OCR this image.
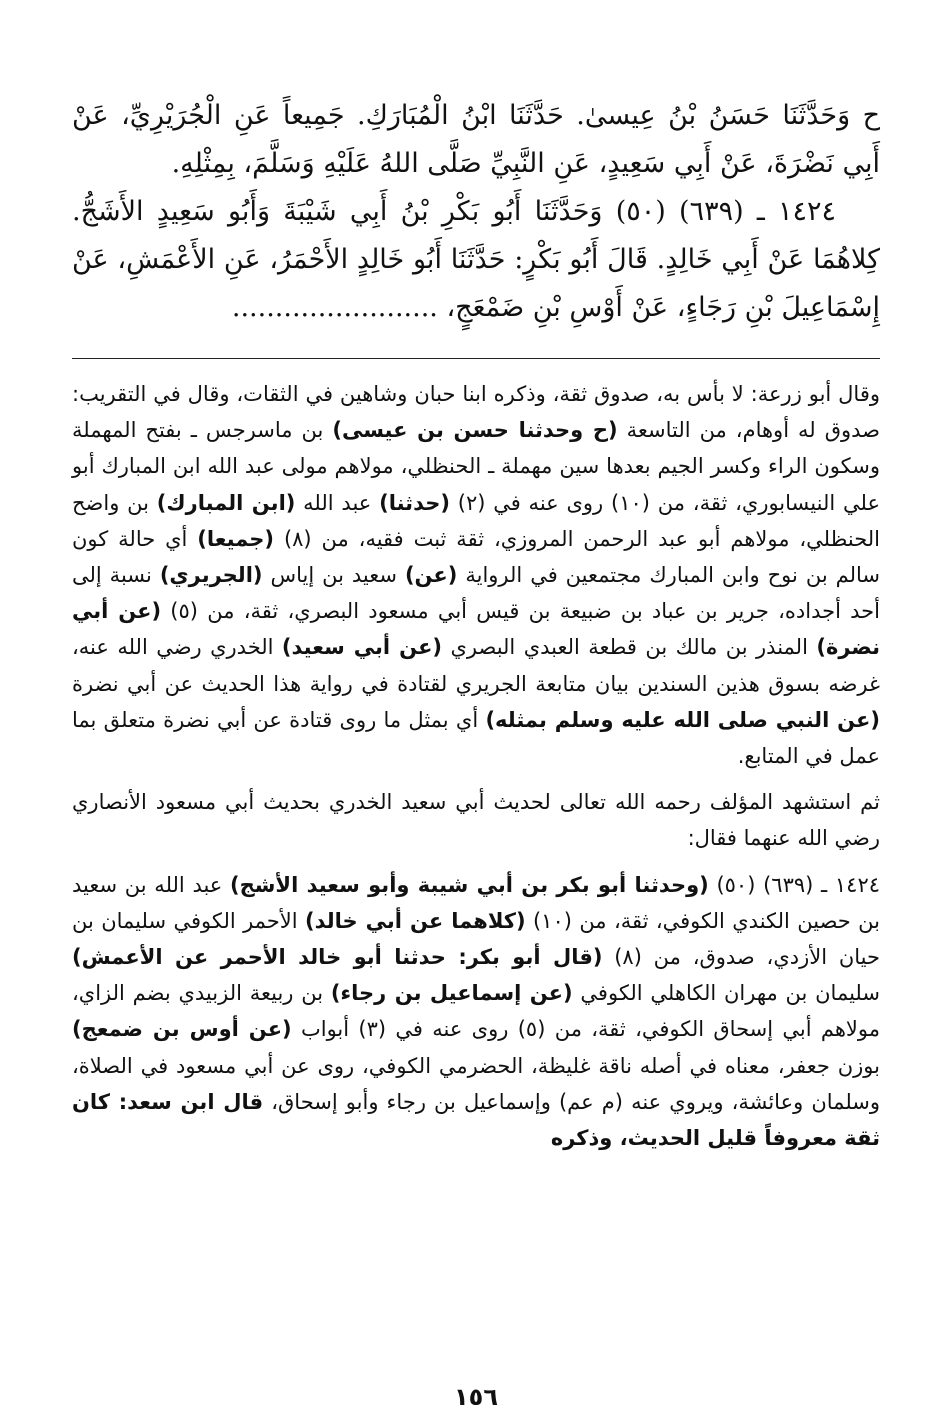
ح وَحَدَّثَنَا حَسَنُ بْنُ عِيسىٰ. حَدَّثَنَا ابْنُ الْمُبَارَكِ. جَمِيعاً عَنِ الْجُرَيْرِيِّ، عَنْ أَبِي نَضْرَةَ، عَنْ أَبِي سَعِيدٍ، عَنِ النَّبِيِّ صَلَّى اللهُ عَلَيْهِ وَسَلَّمَ، بِمِثْلِهِ.

١٤٢٤ ـ (٦٣٩) (٥٠) وَحَدَّثَنَا أَبُو بَكْرِ بْنُ أَبِي شَيْبَةَ وَأَبُو سَعِيدٍ الأَشَجُّ. كِلاهُمَا عَنْ أَبِي خَالِدٍ. قَالَ أَبُو بَكْرٍ: حَدَّثَنَا أَبُو خَالِدٍ الأَحْمَرُ، عَنِ الأَعْمَشِ، عَنْ إِسْمَاعِيلَ بْنِ رَجَاءٍ، عَنْ أَوْسِ بْنِ ضَمْعَجٍ، ........................

وقال أبو زرعة: لا بأس به، صدوق ثقة، وذكره ابنا حبان وشاهين في الثقات، وقال في التقريب: صدوق له أوهام، من التاسعة (ح وحدثنا حسن بن عيسى) بن ماسرجس ـ بفتح المهملة وسكون الراء وكسر الجيم بعدها سين مهملة ـ الحنظلي، مولاهم مولى عبد الله ابن المبارك أبو علي النيسابوري، ثقة، من (١٠) روى عنه في (٢) (حدثنا) عبد الله (ابن المبارك) بن واضح الحنظلي، مولاهم أبو عبد الرحمن المروزي، ثقة ثبت فقيه، من (٨) (جميعا) أي حالة كون سالم بن نوح وابن المبارك مجتمعين في الرواية (عن) سعيد بن إياس (الجريري) نسبة إلى أحد أجداده، جرير بن عباد بن ضبيعة بن قيس أبي مسعود البصري، ثقة، من (٥) (عن أبي نضرة) المنذر بن مالك بن قطعة العبدي البصري (عن أبي سعيد) الخدري رضي الله عنه، غرضه بسوق هذين السندين بيان متابعة الجريري لقتادة في رواية هذا الحديث عن أبي نضرة (عن النبي صلى الله عليه وسلم بمثله) أي بمثل ما روى قتادة عن أبي نضرة متعلق بما عمل في المتابع.

ثم استشهد المؤلف رحمه الله تعالى لحديث أبي سعيد الخدري بحديث أبي مسعود الأنصاري رضي الله عنهما فقال:

١٤٢٤ ـ (٦٣٩) (٥٠) (وحدثنا أبو بكر بن أبي شيبة وأبو سعيد الأشج) عبد الله بن سعيد بن حصين الكندي الكوفي، ثقة، من (١٠) (كلاهما عن أبي خالد) الأحمر الكوفي سليمان بن حيان الأزدي، صدوق، من (٨) (قال أبو بكر: حدثنا أبو خالد الأحمر عن الأعمش) سليمان بن مهران الكاهلي الكوفي (عن إسماعيل بن رجاء) بن ربيعة الزبيدي بضم الزاي، مولاهم أبي إسحاق الكوفي، ثقة، من (٥) روى عنه في (٣) أبواب (عن أوس بن ضمعج) بوزن جعفر، معناه في أصله ناقة غليظة، الحضرمي الكوفي، روى عن أبي مسعود في الصلاة، وسلمان وعائشة، ويروي عنه (م عم) وإسماعيل بن رجاء وأبو إسحاق، قال ابن سعد: كان ثقة معروفاً قليل الحديث، وذكره

١٥٦
